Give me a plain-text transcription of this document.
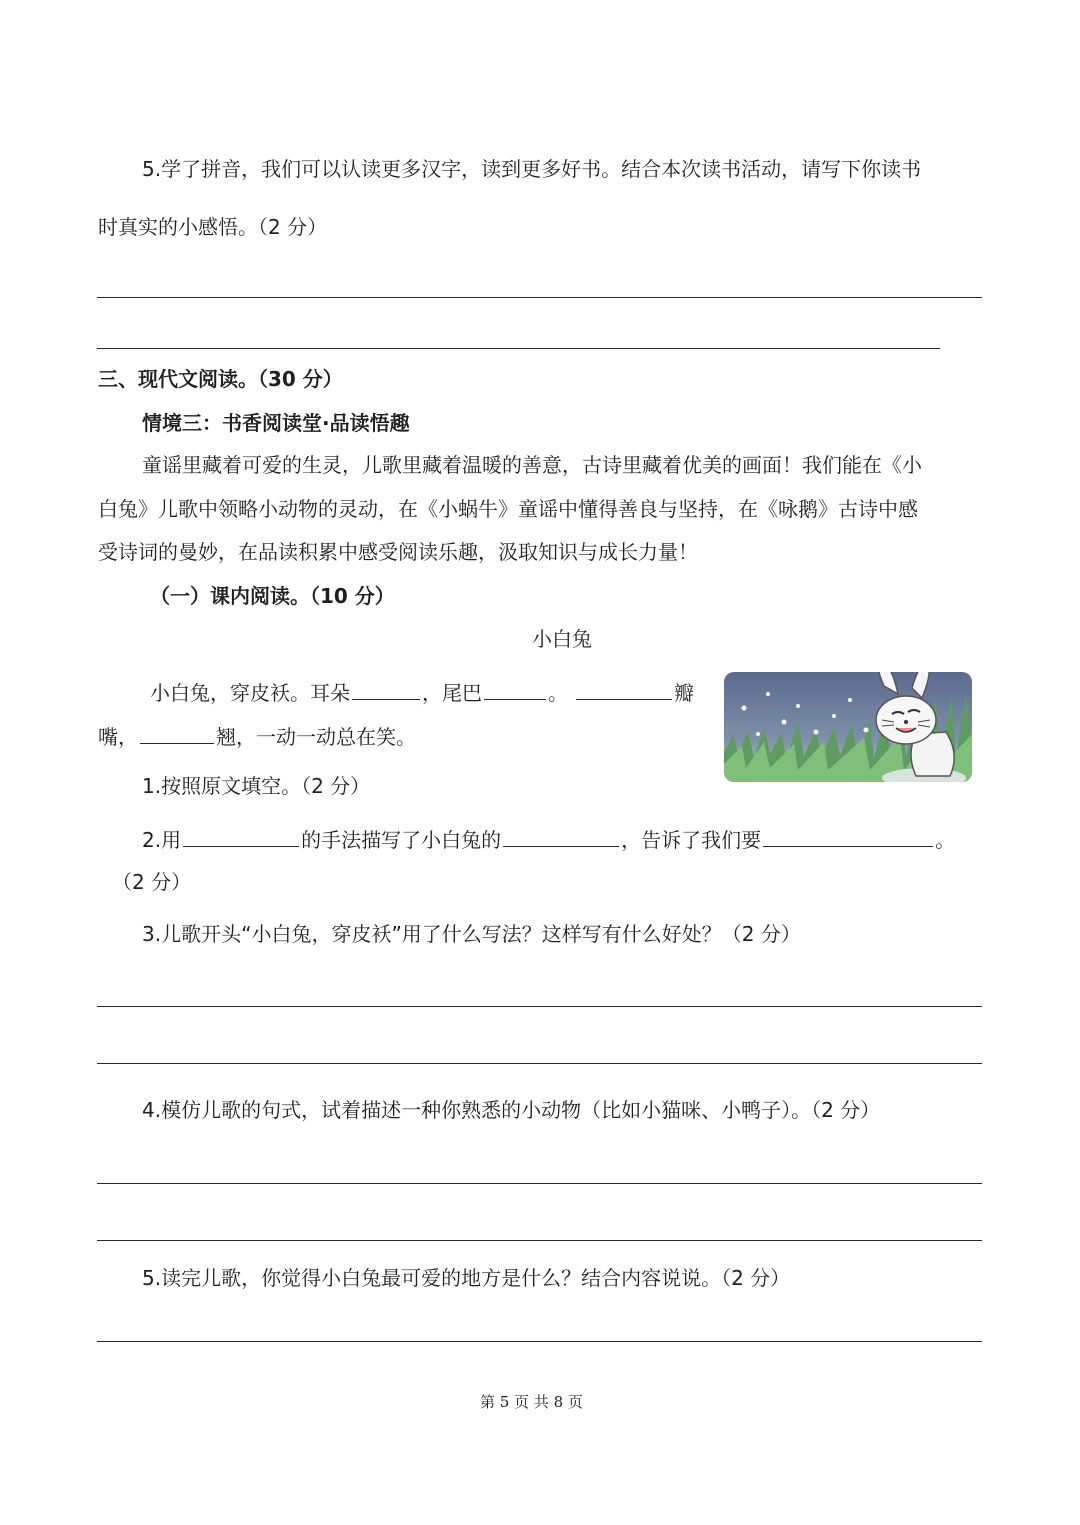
5.学了拼音，我们可以认读更多汉字，读到更多好书。结合本次读书活动，请写下你读书
时真实的小感悟。（2 分）
三、现代文阅读。（30 分）
情境三：书香阅读堂·品读悟趣
童谣里藏着可爱的生灵，儿歌里藏着温暖的善意，古诗里藏着优美的画面！我们能在《小
白兔》儿歌中领略小动物的灵动，在《小蜗牛》童谣中懂得善良与坚持，在《咏鹅》古诗中感
受诗词的曼妙，在品读积累中感受阅读乐趣，汲取知识与成长力量！
（一）课内阅读。（10 分）
小白兔
小白兔，穿皮袄。耳朵	，尾巴	。	瓣
嘴，	翘，一动一动总在笑。
1.按照原文填空。（2 分）
2.用	的手法描写了小白兔的	，告诉了我们要	。
（2 分）
3.儿歌开头“小白兔，穿皮袄”用了什么写法？这样写有什么好处？（2 分）
4.模仿儿歌的句式，试着描述一种你熟悉的小动物（比如小猫咪、小鸭子）。（2 分）
5.读完儿歌，你觉得小白兔最可爱的地方是什么？结合内容说说。（2 分）
第 5 页 共 8 页
